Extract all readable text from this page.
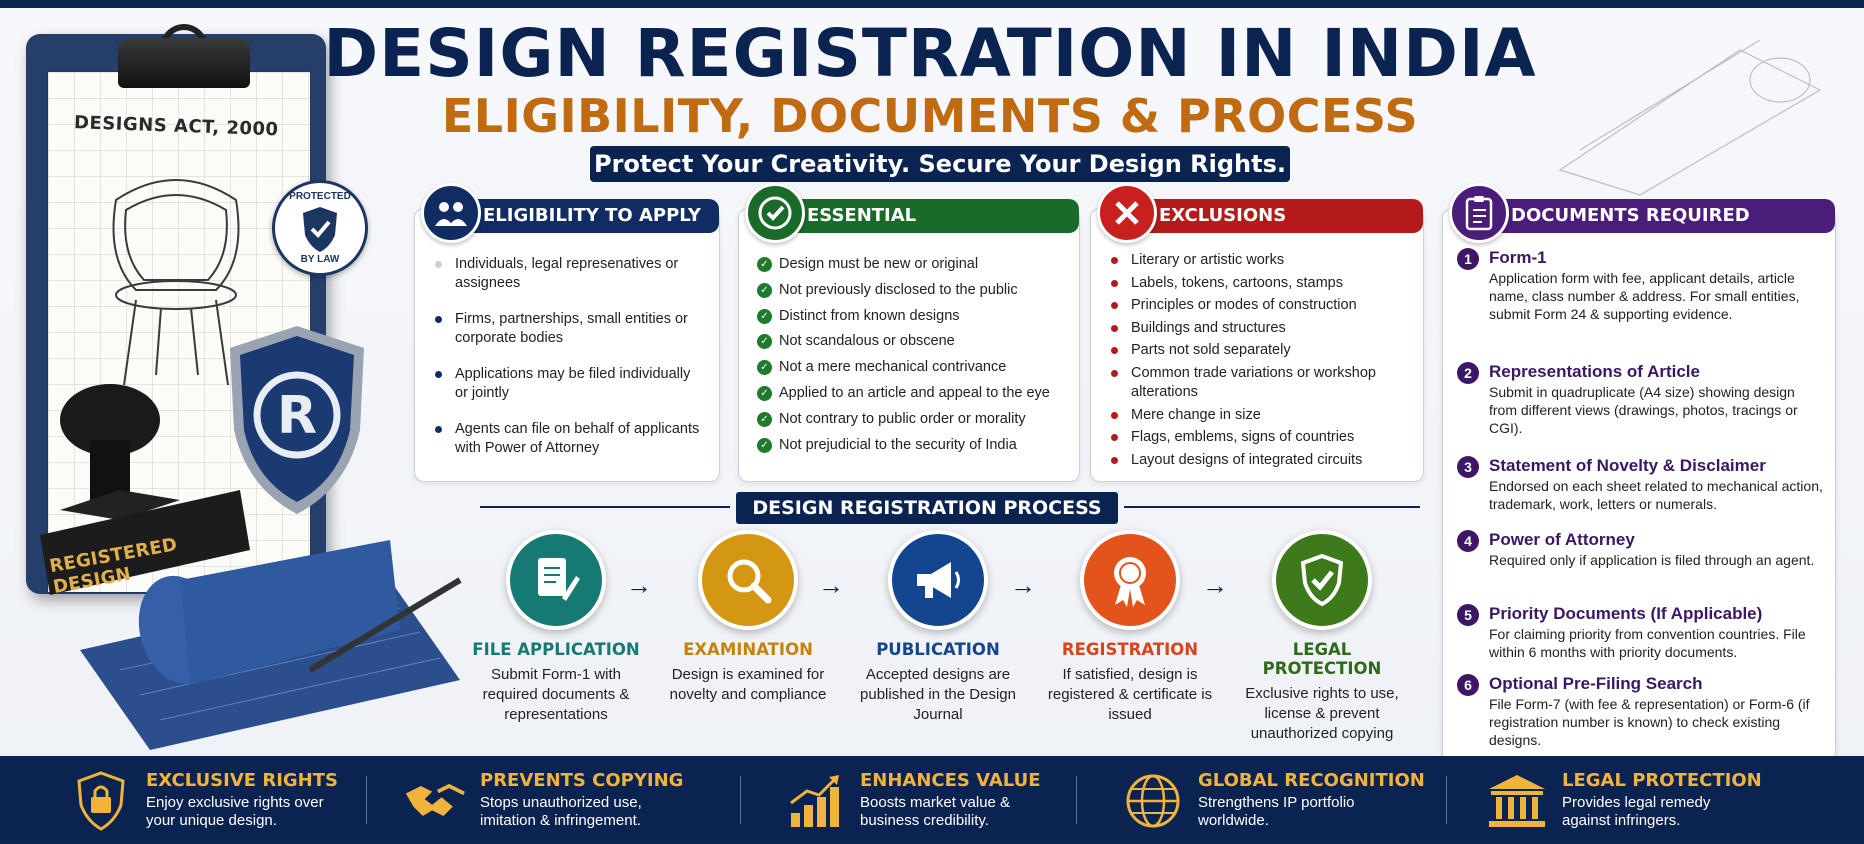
DESIGNS ACT, 2000
PROTECTED
BY LAW
R
REGISTERED DESIGN
DESIGN REGISTRATION IN INDIA
ELIGIBILITY, DOCUMENTS & PROCESS
Protect Your Creativity. Secure Your Design Rights.
ELIGIBILITY TO APPLY
Individuals, legal represenatives or assignees
Firms, partnerships, small entities or corporate bodies
Applications may be filed individually or jointly
Agents can file on behalf of applicants with Power of Attorney
ESSENTIAL REQUIREMENTS
✓ Design must be new or original
✓ Not previously disclosed to the public
✓ Distinct from known designs
✓ Not scandalous or obscene
✓ Not a mere mechanical contrivance
✓ Applied to an article and appeal to the eye
✓ Not contrary to public order or morality
✓ Not prejudicial to the security of India
EXCLUSIONS
Literary or artistic works
Labels, tokens, cartoons, stamps
Principles or modes of construction
Buildings and structures
Parts not sold separately
Common trade variations or workshop alterations
Mere change in size
Flags, emblems, signs of countries
Layout designs of integrated circuits
DOCUMENTS REQUIRED
1	Form-1
Application form with fee, applicant details, article name, class number & address. For small entities, submit Form 24 & supporting evidence.
2	Representations of Article
Submit in quadruplicate (A4 size) showing design from different views (drawings, photos, tracings or CGI).
3	Statement of Novelty & Disclaimer
Endorsed on each sheet related to mechanical action, trademark, work, letters or numerals.
4	Power of Attorney
Required only if application is filed through an agent.
5	Priority Documents (If Applicable)
For claiming priority from convention countries. File within 6 months with priority documents.
6	Optional Pre-Filing Search
File Form-7 (with fee & representation) or Form-6 (if registration number is known) to check existing designs.
DESIGN REGISTRATION PROCESS
FILE APPLICATION
Submit Form-1 with required documents & representations
→
EXAMINATION
Design is examined for novelty and compliance
→
PUBLICATION
Accepted designs are published in the Design Journal
→
REGISTRATION
If satisfied, design is registered & certificate is issued
→
LEGAL PROTECTION
Exclusive rights to use, license & prevent unauthorized copying
EXCLUSIVE RIGHTS
Enjoy exclusive rights over
your unique design.
PREVENTS COPYING
Stops unauthorized use,
imitation & infringement.
ENHANCES VALUE
Boosts market value &
business credibility.
GLOBAL RECOGNITION
Strengthens IP portfolio
worldwide.
LEGAL PROTECTION
Provides legal remedy
against infringers.
